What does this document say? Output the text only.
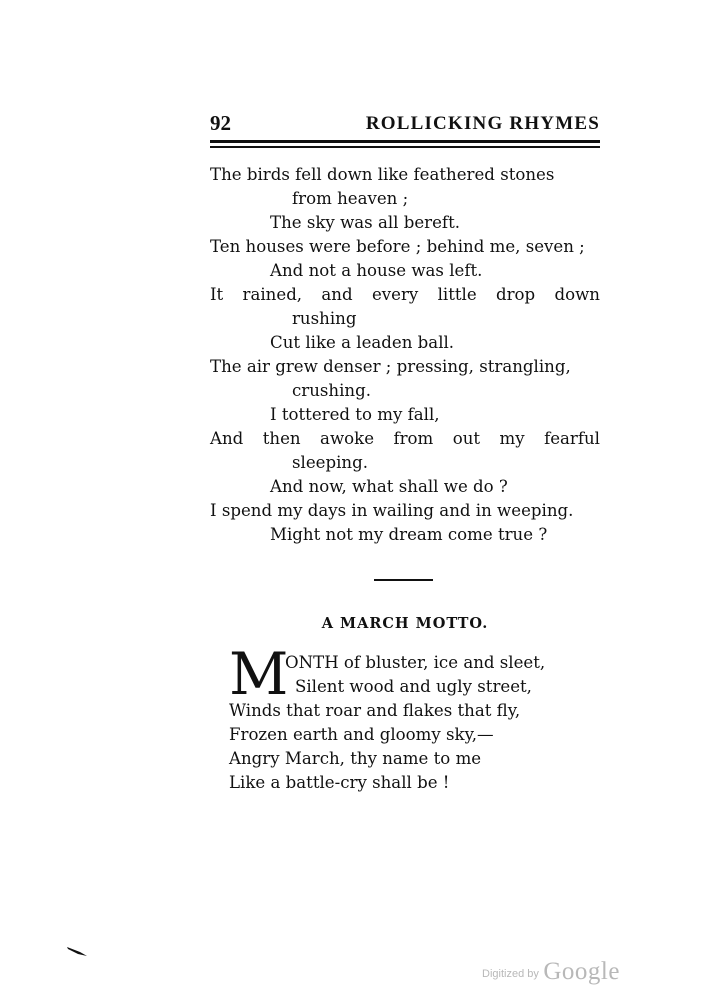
92	ROLLICKING RHYMES
The birds fell down like feathered stones
from heaven ;
The sky was all bereft.
Ten houses were before ; behind me, seven ;
And not a house was left.
It rained, and every little drop down
rushing
Cut like a leaden ball.
The air grew denser ; pressing, strangling,
crushing.
I tottered to my fall,
And then awoke from out my fearful
sleeping.
And now, what shall we do ?
I spend my days in wailing and in weeping.
Might not my dream come true ?
A MARCH MOTTO.
M
ONTH of bluster, ice and sleet,
Silent wood and ugly street,
Winds that roar and flakes that fly,
Frozen earth and gloomy sky,—
Angry March, thy name to me
Like a battle-cry shall be !
Digitized by Google
